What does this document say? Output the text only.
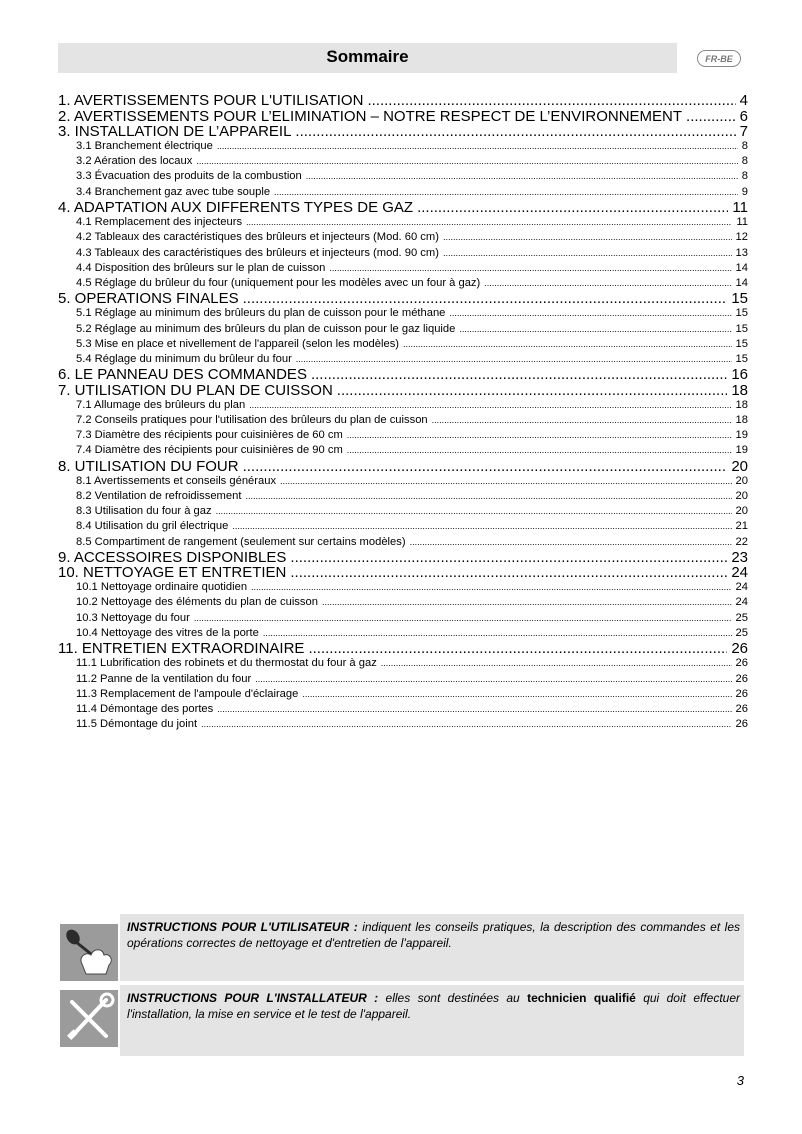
Sommaire	FR-BE
1. AVERTISSEMENTS POUR L'UTILISATION .....	4
2. AVERTISSEMENTS POUR L’ELIMINATION – NOTRE RESPECT DE L’ENVIRONNEMENT .....	6
3. INSTALLATION DE L’APPAREIL .....	7
3.1 Branchement électrique .....	8
3.2 Aération des locaux .....	8
3.3 Évacuation des produits de la combustion .....	8
3.4 Branchement gaz avec tube souple .....	9
4. ADAPTATION AUX DIFFERENTS TYPES DE GAZ .....	11
4.1 Remplacement des injecteurs .....	11
4.2 Tableaux des caractéristiques des brûleurs et injecteurs (Mod. 60 cm) .....	12
4.3 Tableaux des caractéristiques des brûleurs et injecteurs (mod. 90 cm) .....	13
4.4 Disposition des brûleurs sur le plan de cuisson .....	14
4.5 Réglage du brûleur du four (uniquement pour les modèles avec un four à gaz) .....	14
5. OPERATIONS FINALES .....	15
5.1 Réglage au minimum des brûleurs du plan de cuisson pour le méthane .....	15
5.2 Réglage au minimum des brûleurs du plan de cuisson pour le gaz liquide .....	15
5.3 Mise en place et nivellement de l'appareil (selon les modèles) .....	15
5.4 Réglage du minimum du brûleur du four .....	15
6. LE PANNEAU DES COMMANDES .....	16
7. UTILISATION DU PLAN DE CUISSON .....	18
7.1 Allumage des brûleurs du plan .....	18
7.2 Conseils pratiques pour l'utilisation des brûleurs du plan de cuisson .....	18
7.3 Diamètre des récipients pour cuisinières de 60 cm .....	19
7.4 Diamètre des récipients pour cuisinières de 90 cm .....	19
8. UTILISATION DU FOUR .....	20
8.1 Avertissements et conseils généraux .....	20
8.2 Ventilation de refroidissement .....	20
8.3 Utilisation du four à gaz .....	20
8.4 Utilisation du gril électrique .....	21
8.5 Compartiment de rangement (seulement sur certains modèles) .....	22
9. ACCESSOIRES DISPONIBLES .....	23
10. NETTOYAGE ET ENTRETIEN .....	24
10.1 Nettoyage ordinaire quotidien .....	24
10.2 Nettoyage des éléments du plan de cuisson .....	24
10.3 Nettoyage du four .....	25
10.4 Nettoyage des vitres de la porte .....	25
11. ENTRETIEN EXTRAORDINAIRE .....	26
11.1 Lubrification des robinets et du thermostat du four à gaz .....	26
11.2 Panne de la ventilation du four .....	26
11.3 Remplacement de l'ampoule d'éclairage .....	26
11.4 Démontage des portes .....	26
11.5 Démontage du joint .....	26
INSTRUCTIONS POUR L'UTILISATEUR : indiquent les conseils pratiques, la description des commandes et les opérations correctes de nettoyage et d'entretien de l'appareil.
INSTRUCTIONS POUR L'INSTALLATEUR : elles sont destinées au technicien qualifié qui doit effectuer l'installation, la mise en service et le test de l'appareil.
3
